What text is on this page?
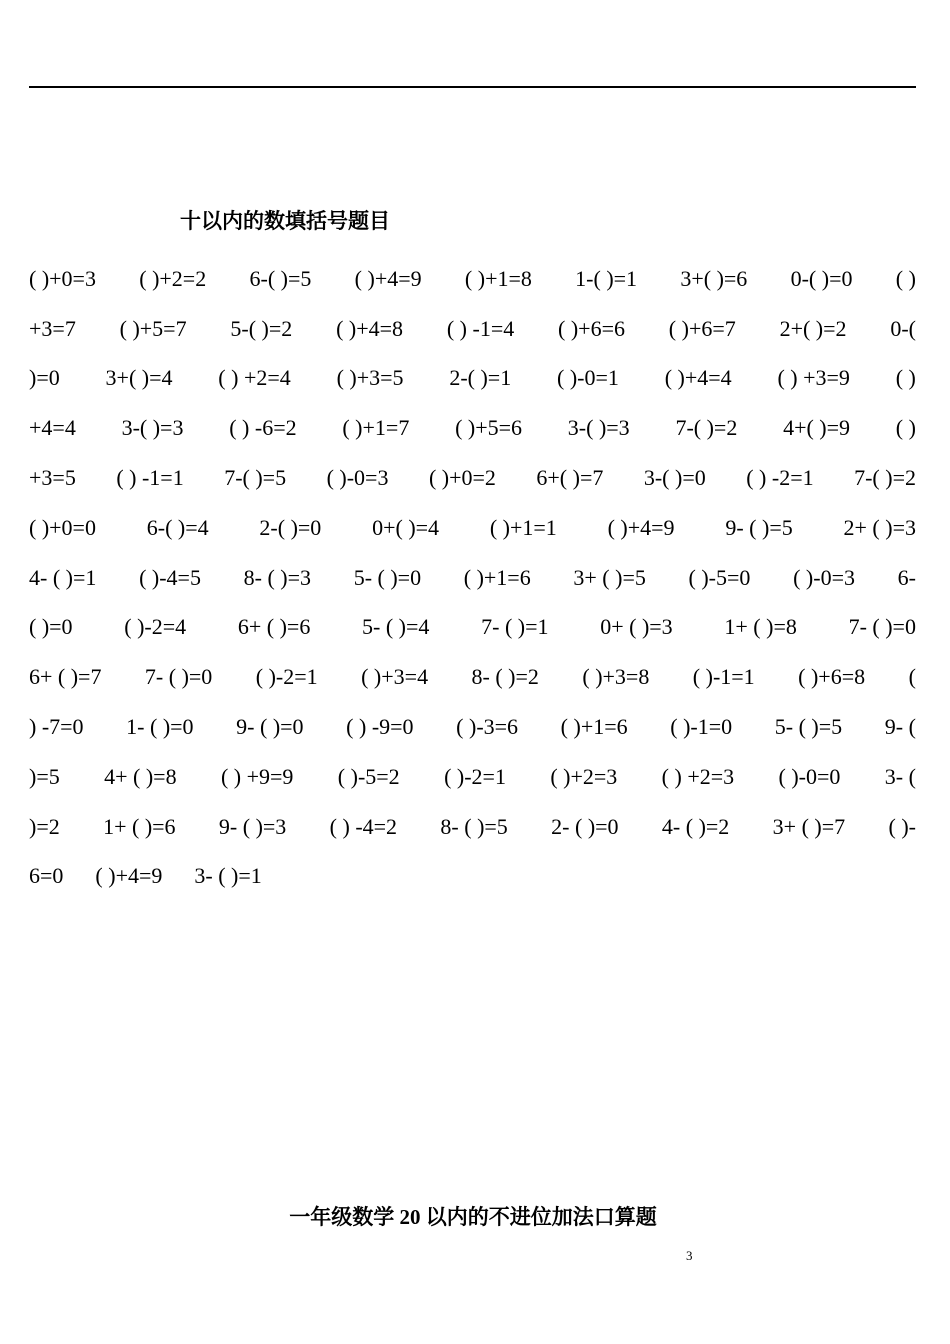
十以内的数填括号题目
( )+0=3 ( )+2=2 6-( )=5 ( )+4=9 ( )+1=8 1-( )=1 3+( )=6 0-( )=0 ( )
+3=7 ( )+5=7 5-( )=2 ( )+4=8 ( ) -1=4 ( )+6=6 ( )+6=7 2+( )=2 0-(
)=0 3+( )=4 ( ) +2=4 ( )+3=5 2-( )=1 ( )-0=1 ( )+4=4 ( ) +3=9 ( )
+4=4 3-( )=3 ( ) -6=2 ( )+1=7 ( )+5=6 3-( )=3 7-( )=2 4+( )=9 ( )
+3=5 ( ) -1=1 7-( )=5 ( )-0=3 ( )+0=2 6+( )=7 3-( )=0 ( ) -2=1 7-( )=2
( )+0=0 6-( )=4 2-( )=0 0+( )=4 ( )+1=1 ( )+4=9 9- ( )=5 2+ ( )=3
4- ( )=1 ( )-4=5 8- ( )=3 5- ( )=0 ( )+1=6 3+ ( )=5 ( )-5=0 ( )-0=3 6-
( )=0 ( )-2=4 6+ ( )=6 5- ( )=4 7- ( )=1 0+ ( )=3 1+ ( )=8 7- ( )=0
6+ ( )=7 7- ( )=0 ( )-2=1 ( )+3=4 8- ( )=2 ( )+3=8 ( )-1=1 ( )+6=8 (
) -7=0 1- ( )=0 9- ( )=0 ( ) -9=0 ( )-3=6 ( )+1=6 ( )-1=0 5- ( )=5 9- (
)=5 4+ ( )=8 ( ) +9=9 ( )-5=2 ( )-2=1 ( )+2=3 ( ) +2=3 ( )-0=0 3- (
)=2 1+ ( )=6 9- ( )=3 ( ) -4=2 8- ( )=5 2- ( )=0 4- ( )=2 3+ ( )=7 ( )-
6=0 ( )+4=9 3- ( )=1
一年级数学 20 以内的不进位加法口算题
3
